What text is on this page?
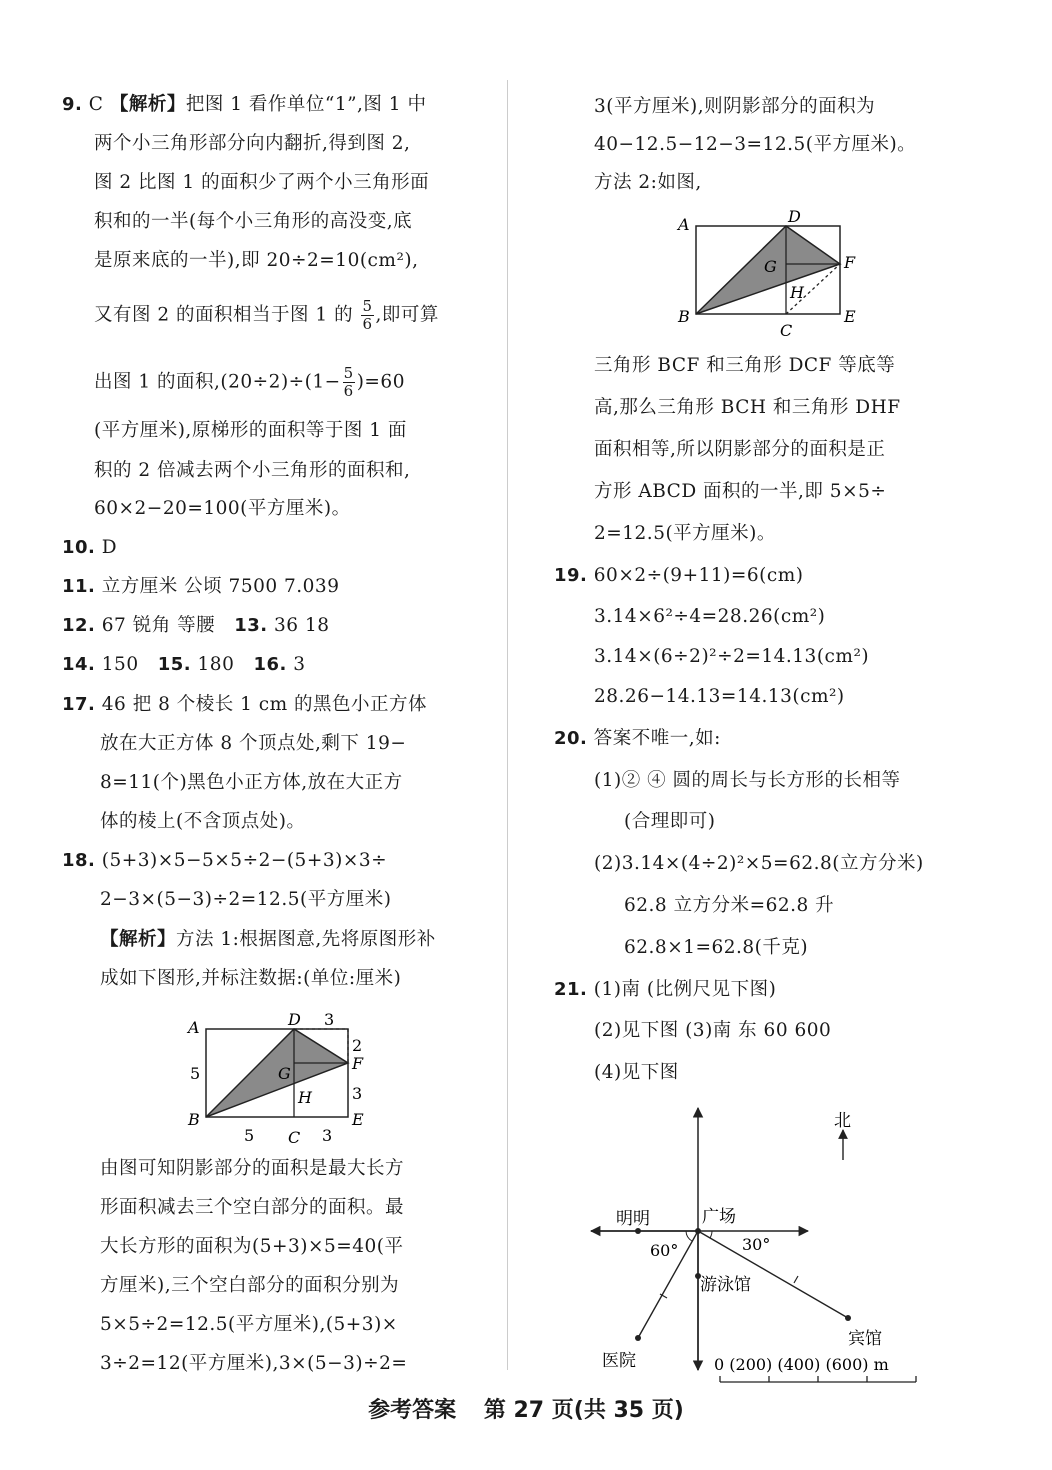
9. C 【解析】把图 1 看作单位“1”,图 1 中
两个小三角形部分向内翻折,得到图 2,
图 2 比图 1 的面积少了两个小三角形面
积和的一半(每个小三角形的高没变,底
是原来底的一半),即 20÷2=10(cm²),
又有图 2 的面积相当于图 1 的 $\frac{5}{6}$ ,即可算
出图 1 的面积$,(20\div 2)\div(1- \frac{5}{6} )=60$
(平方厘米),原梯形的面积等于图 1 面
积的 2 倍减去两个小三角形的面积和,
60×2−20=100(平方厘米)。
10. D
11. 立方厘米 公顷 7500 7.039
12. 67 锐角 等腰 13. 36 18
14. 150 15. 180 16. 3
17. 46 把 8 个棱长 1 cm 的黑色小正方体
放在大正方体 8 个顶点处,剩下 19−
8=11(个)黑色小正方体,放在大正方
体的棱上(不含顶点处)。
18. (5+3)×5−5×5÷2−(5+3)×3÷
2−3×(5−3)÷2=12.5(平方厘米)
【解析】方法 1:根据图意,先将原图形补
成如下图形,并标注数据:(单位:厘米)
A
B
C
D
E
F
G
H
5
5	3
3
3
2
由图可知阴影部分的面积是最大长方
形面积减去三个空白部分的面积。最
大长方形的面积为(5+3)×5=40(平
方厘米),三个空白部分的面积分别为
5×5÷2=12.5(平方厘米),(5+3)×
3÷2=12(平方厘米),3×(5−3)÷2=
3(平方厘米),则阴影部分的面积为
40−12.5−12−3=12.5(平方厘米)。
方法 2:如图,
A
B
C
D
E
F
G
H
三角形 BCF 和三角形 DCF 等底等
高,那么三角形 BCH 和三角形 DHF
面积相等,所以阴影部分的面积是正
方形 ABCD 面积的一半,即 5×5÷
2=12.5(平方厘米)。
19. 60×2÷(9+11)=6(cm)
3.14×6²÷4=28.26(cm²)
3.14×(6÷2)²÷2=14.13(cm²)
28.26−14.13=14.13(cm²)
20. 答案不唯一,如:
(1)② ④ 圆的周长与长方形的长相等
(合理即可)
(2)3.14×(4÷2)²×5=62.8(立方分米)
62.8 立方分米=62.8 升
62.8×1=62.8(千克)
21. (1)南 (比例尺见下图)
(2)见下图 (3)南 东 60 600
(4)见下图
北
明明	广场
60°	30°
游泳馆
医院
宾馆
0 (200) (400) (600) m
参考答案 第 27 页(共 35 页)
